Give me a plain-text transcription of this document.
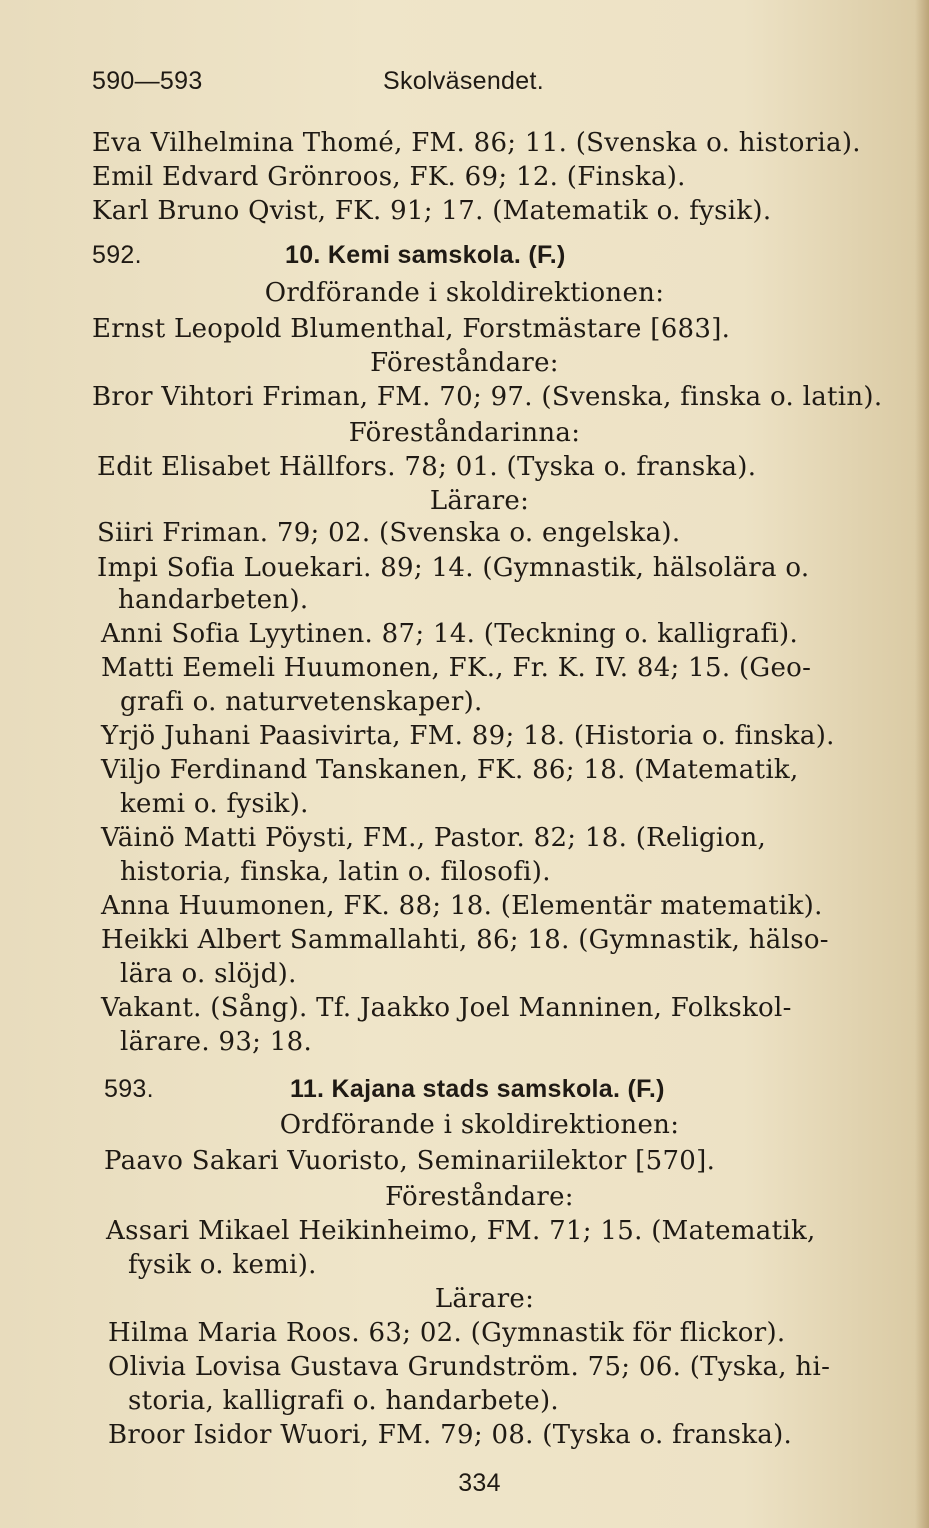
590—593	Skolväsendet.
Eva Vilhelmina Thomé, FM. 86; 11. (Svenska o. historia).
Emil Edvard Grönroos, FK. 69; 12. (Finska).
Karl Bruno Qvist, FK. 91; 17. (Matematik o. fysik).
592.	10. Kemi samskola. (F.)
Ordförande i skoldirektionen:
Ernst Leopold Blumenthal, Forstmästare [683].
Föreståndare:
Bror Vihtori Friman, FM. 70; 97. (Svenska, finska o. latin).
Föreståndarinna:
Edit Elisabet Hällfors. 78; 01. (Tyska o. franska).
Lärare:
Siiri Friman. 79; 02. (Svenska o. engelska).
Impi Sofia Louekari. 89; 14. (Gymnastik, hälsolära o.
handarbeten).
Anni Sofia Lyytinen. 87; 14. (Teckning o. kalligrafi).
Matti Eemeli Huumonen, FK., Fr. K. IV. 84; 15. (Geo-
grafi o. naturvetenskaper).
Yrjö Juhani Paasivirta, FM. 89; 18. (Historia o. finska).
Viljo Ferdinand Tanskanen, FK. 86; 18. (Matematik,
kemi o. fysik).
Väinö Matti Pöysti, FM., Pastor. 82; 18. (Religion,
historia, finska, latin o. filosofi).
Anna Huumonen, FK. 88; 18. (Elementär matematik).
Heikki Albert Sammallahti, 86; 18. (Gymnastik, hälso-
lära o. slöjd).
Vakant. (Sång). Tf. Jaakko Joel Manninen, Folkskol-
lärare. 93; 18.
593.	11. Kajana stads samskola. (F.)
Ordförande i skoldirektionen:
Paavo Sakari Vuoristo, Seminariilektor [570].
Föreståndare:
Assari Mikael Heikinheimo, FM. 71; 15. (Matematik,
fysik o. kemi).
Lärare:
Hilma Maria Roos. 63; 02. (Gymnastik för flickor).
Olivia Lovisa Gustava Grundström. 75; 06. (Tyska, hi-
storia, kalligrafi o. handarbete).
Broor Isidor Wuori, FM. 79; 08. (Tyska o. franska).
334
